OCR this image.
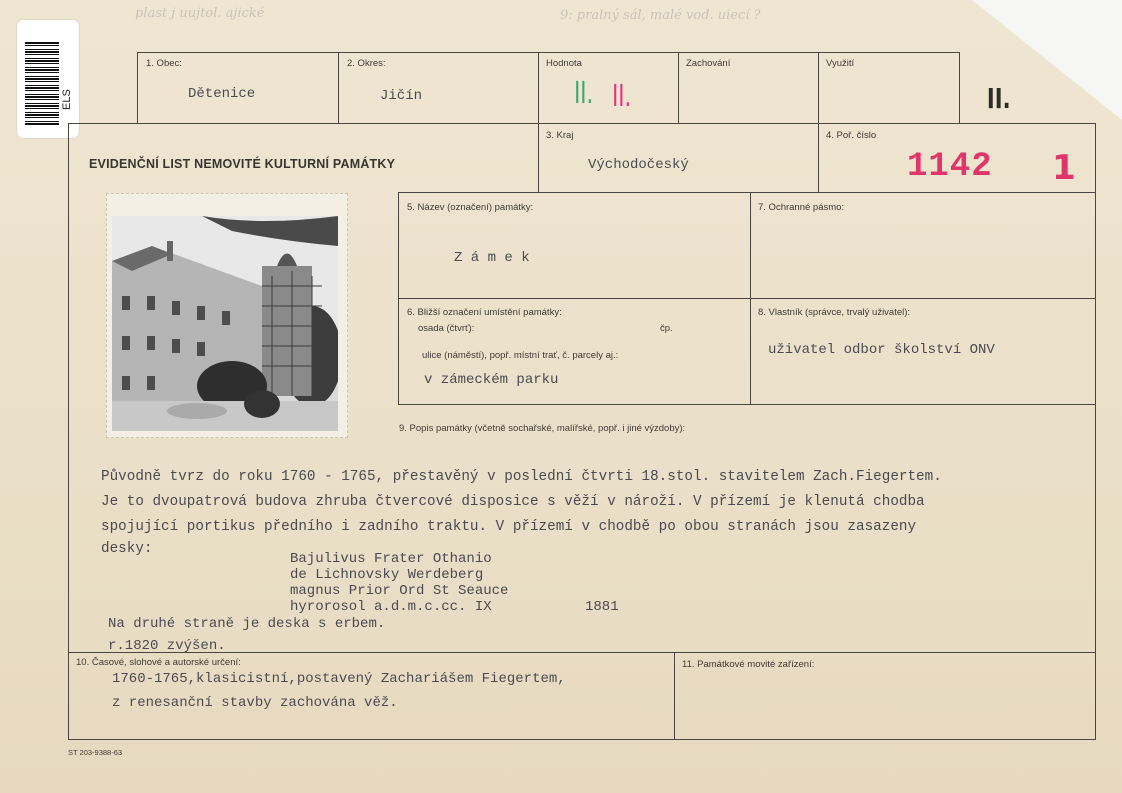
plast j uujtol. ajické	9: pralný sál, malé vod. uiecí ?
ELS
1. Obec:
Dětenice
2. Okres:
Jičín
Hodnota
II. II.
Zachování	Využití
II.
EVIDENČNÍ LIST NEMOVITÉ KULTURNÍ PAMÁTKY
3. Kraj
Východočeský
4. Poř. číslo
1142 1
5. Název (označení) památky:
Z á m e k
7. Ochranné pásmo:
6. Bližší označení umístění památky:
osada (čtvrť):	čp.
ulice (náměstí), popř. místní trať, č. parcely aj.:
v zámeckém parku
8. Vlastník (správce, trvalý uživatel):
uživatel odbor školství ONV
9. Popis památky (včetně sochařské, malířské, popř. i jiné výzdoby):
Původně tvrz do roku 1760 - 1765, přestavěný v poslední čtvrti 18.stol. stavitelem Zach.Fiegertem.
Je to dvoupatrová budova zhruba čtvercové disposice s věží v nároží. V přízemí je klenutá chodba
spojující portikus předního i zadního traktu. V přízemí v chodbě po obou stranách jsou zasazeny
desky:
Bajulivus Frater Othanio
de Lichnovsky Werdeberg
magnus Prior Ord St Seauce
hyrorosol a.d.m.c.cc. IX	1881
Na druhé straně je deska s erbem.
r.1820 zvýšen.
10. Časové, slohové a autorské určení:
1760-1765,klasicistní,postavený Zachariášem Fiegertem,
z renesanční stavby zachována věž.
11. Památkové movité zařízení:
ST 203-9388-63
